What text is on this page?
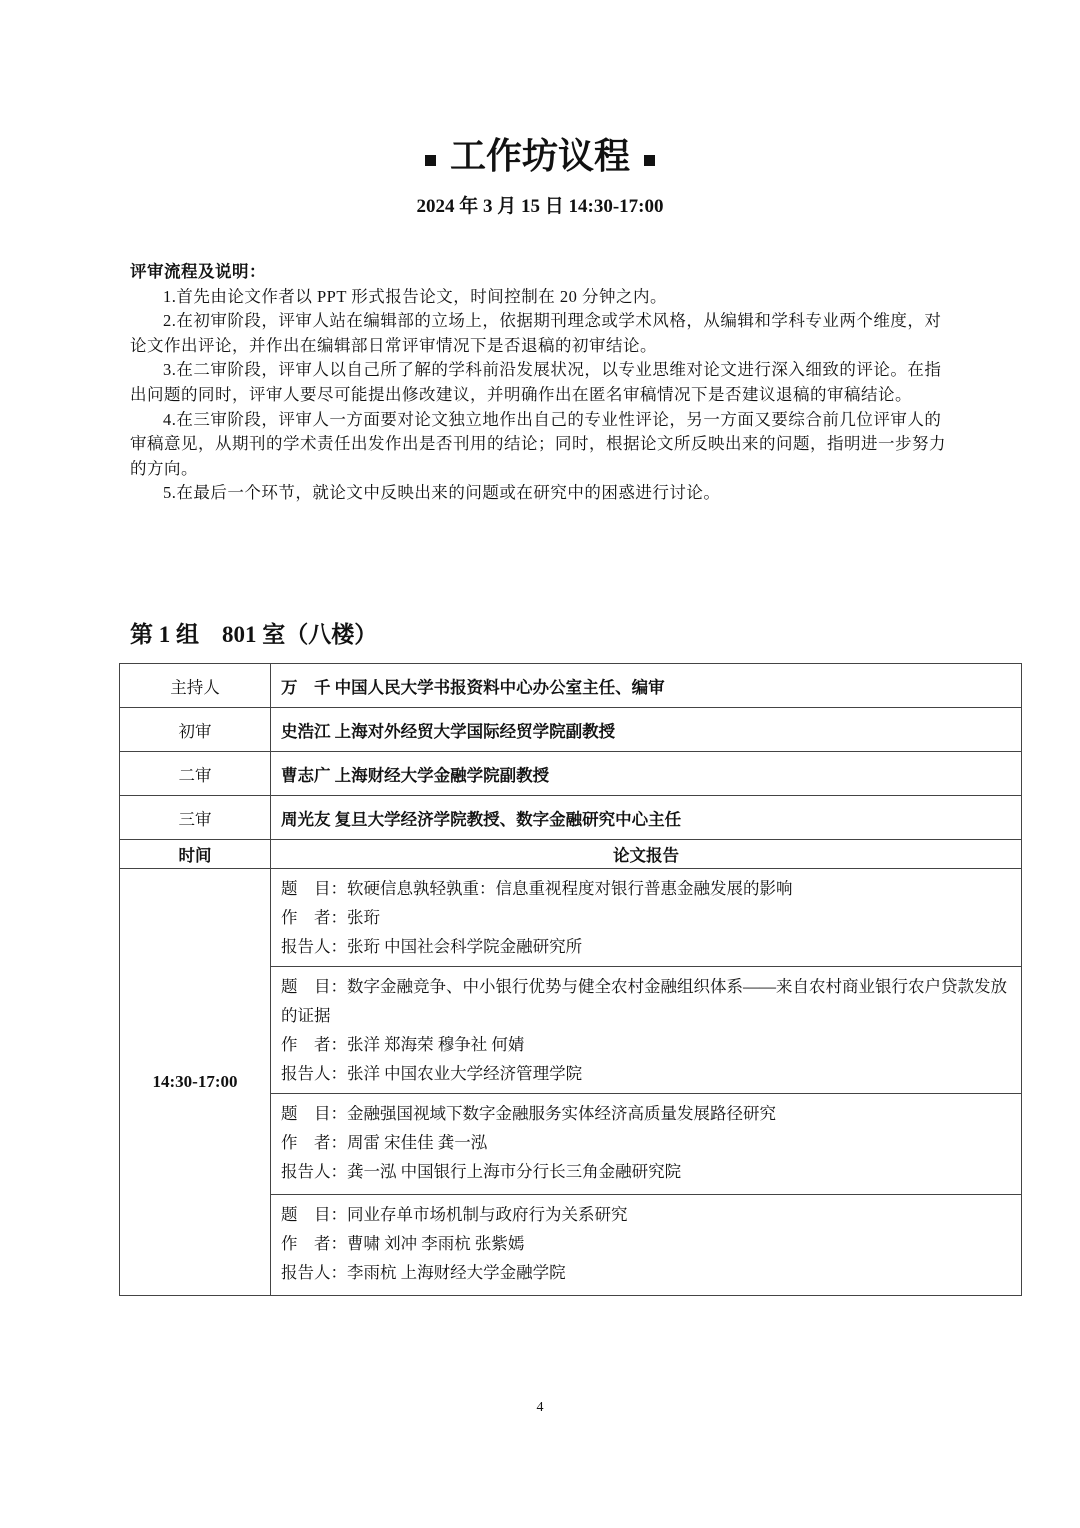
工作坊议程
2024 年 3 月 15 日 14:30-17:00
评审流程及说明：

1.首先由论文作者以 PPT 形式报告论文，时间控制在 20 分钟之内。

2.在初审阶段，评审人站在编辑部的立场上，依据期刊理念或学术风格，从编辑和学科专业两个维度，对论文作出评论，并作出在编辑部日常评审情况下是否退稿的初审结论。

3.在二审阶段，评审人以自己所了解的学科前沿发展状况，以专业思维对论文进行深入细致的评论。在指出问题的同时，评审人要尽可能提出修改建议，并明确作出在匿名审稿情况下是否建议退稿的审稿结论。

4.在三审阶段，评审人一方面要对论文独立地作出自己的专业性评论，另一方面又要综合前几位评审人的审稿意见，从期刊的学术责任出发作出是否刊用的结论；同时，根据论文所反映出来的问题，指明进一步努力的方向。

5.在最后一个环节，就论文中反映出来的问题或在研究中的困惑进行讨论。

第 1 组　801 室（八楼）
主持人	万　千 中国人民大学书报资料中心办公室主任、编审
初审	史浩江 上海对外经贸大学国际经贸学院副教授
二审	曹志广 上海财经大学金融学院副教授
三审	周光友 复旦大学经济学院教授、数字金融研究中心主任
时间	论文报告
14:30-17:00	题　目：软硬信息孰轻孰重：信息重视程度对银行普惠金融发展的影响
作　者：张珩
报告人：张珩 中国社会科学院金融研究所

	题　目：数字金融竞争、中小银行优势与健全农村金融组织体系——来自农村商业银行农户贷款发放的证据
作　者：张洋 郑海荣 穆争社 何婧
报告人：张洋 中国农业大学经济管理学院

	题　目：金融强国视域下数字金融服务实体经济高质量发展路径研究
作　者：周雷 宋佳佳 龚一泓
报告人：龚一泓 中国银行上海市分行长三角金融研究院

	题　目：同业存单市场机制与政府行为关系研究
作　者：曹啸 刘冲 李雨杭 张紫嫣
报告人：李雨杭 上海财经大学金融学院
4
